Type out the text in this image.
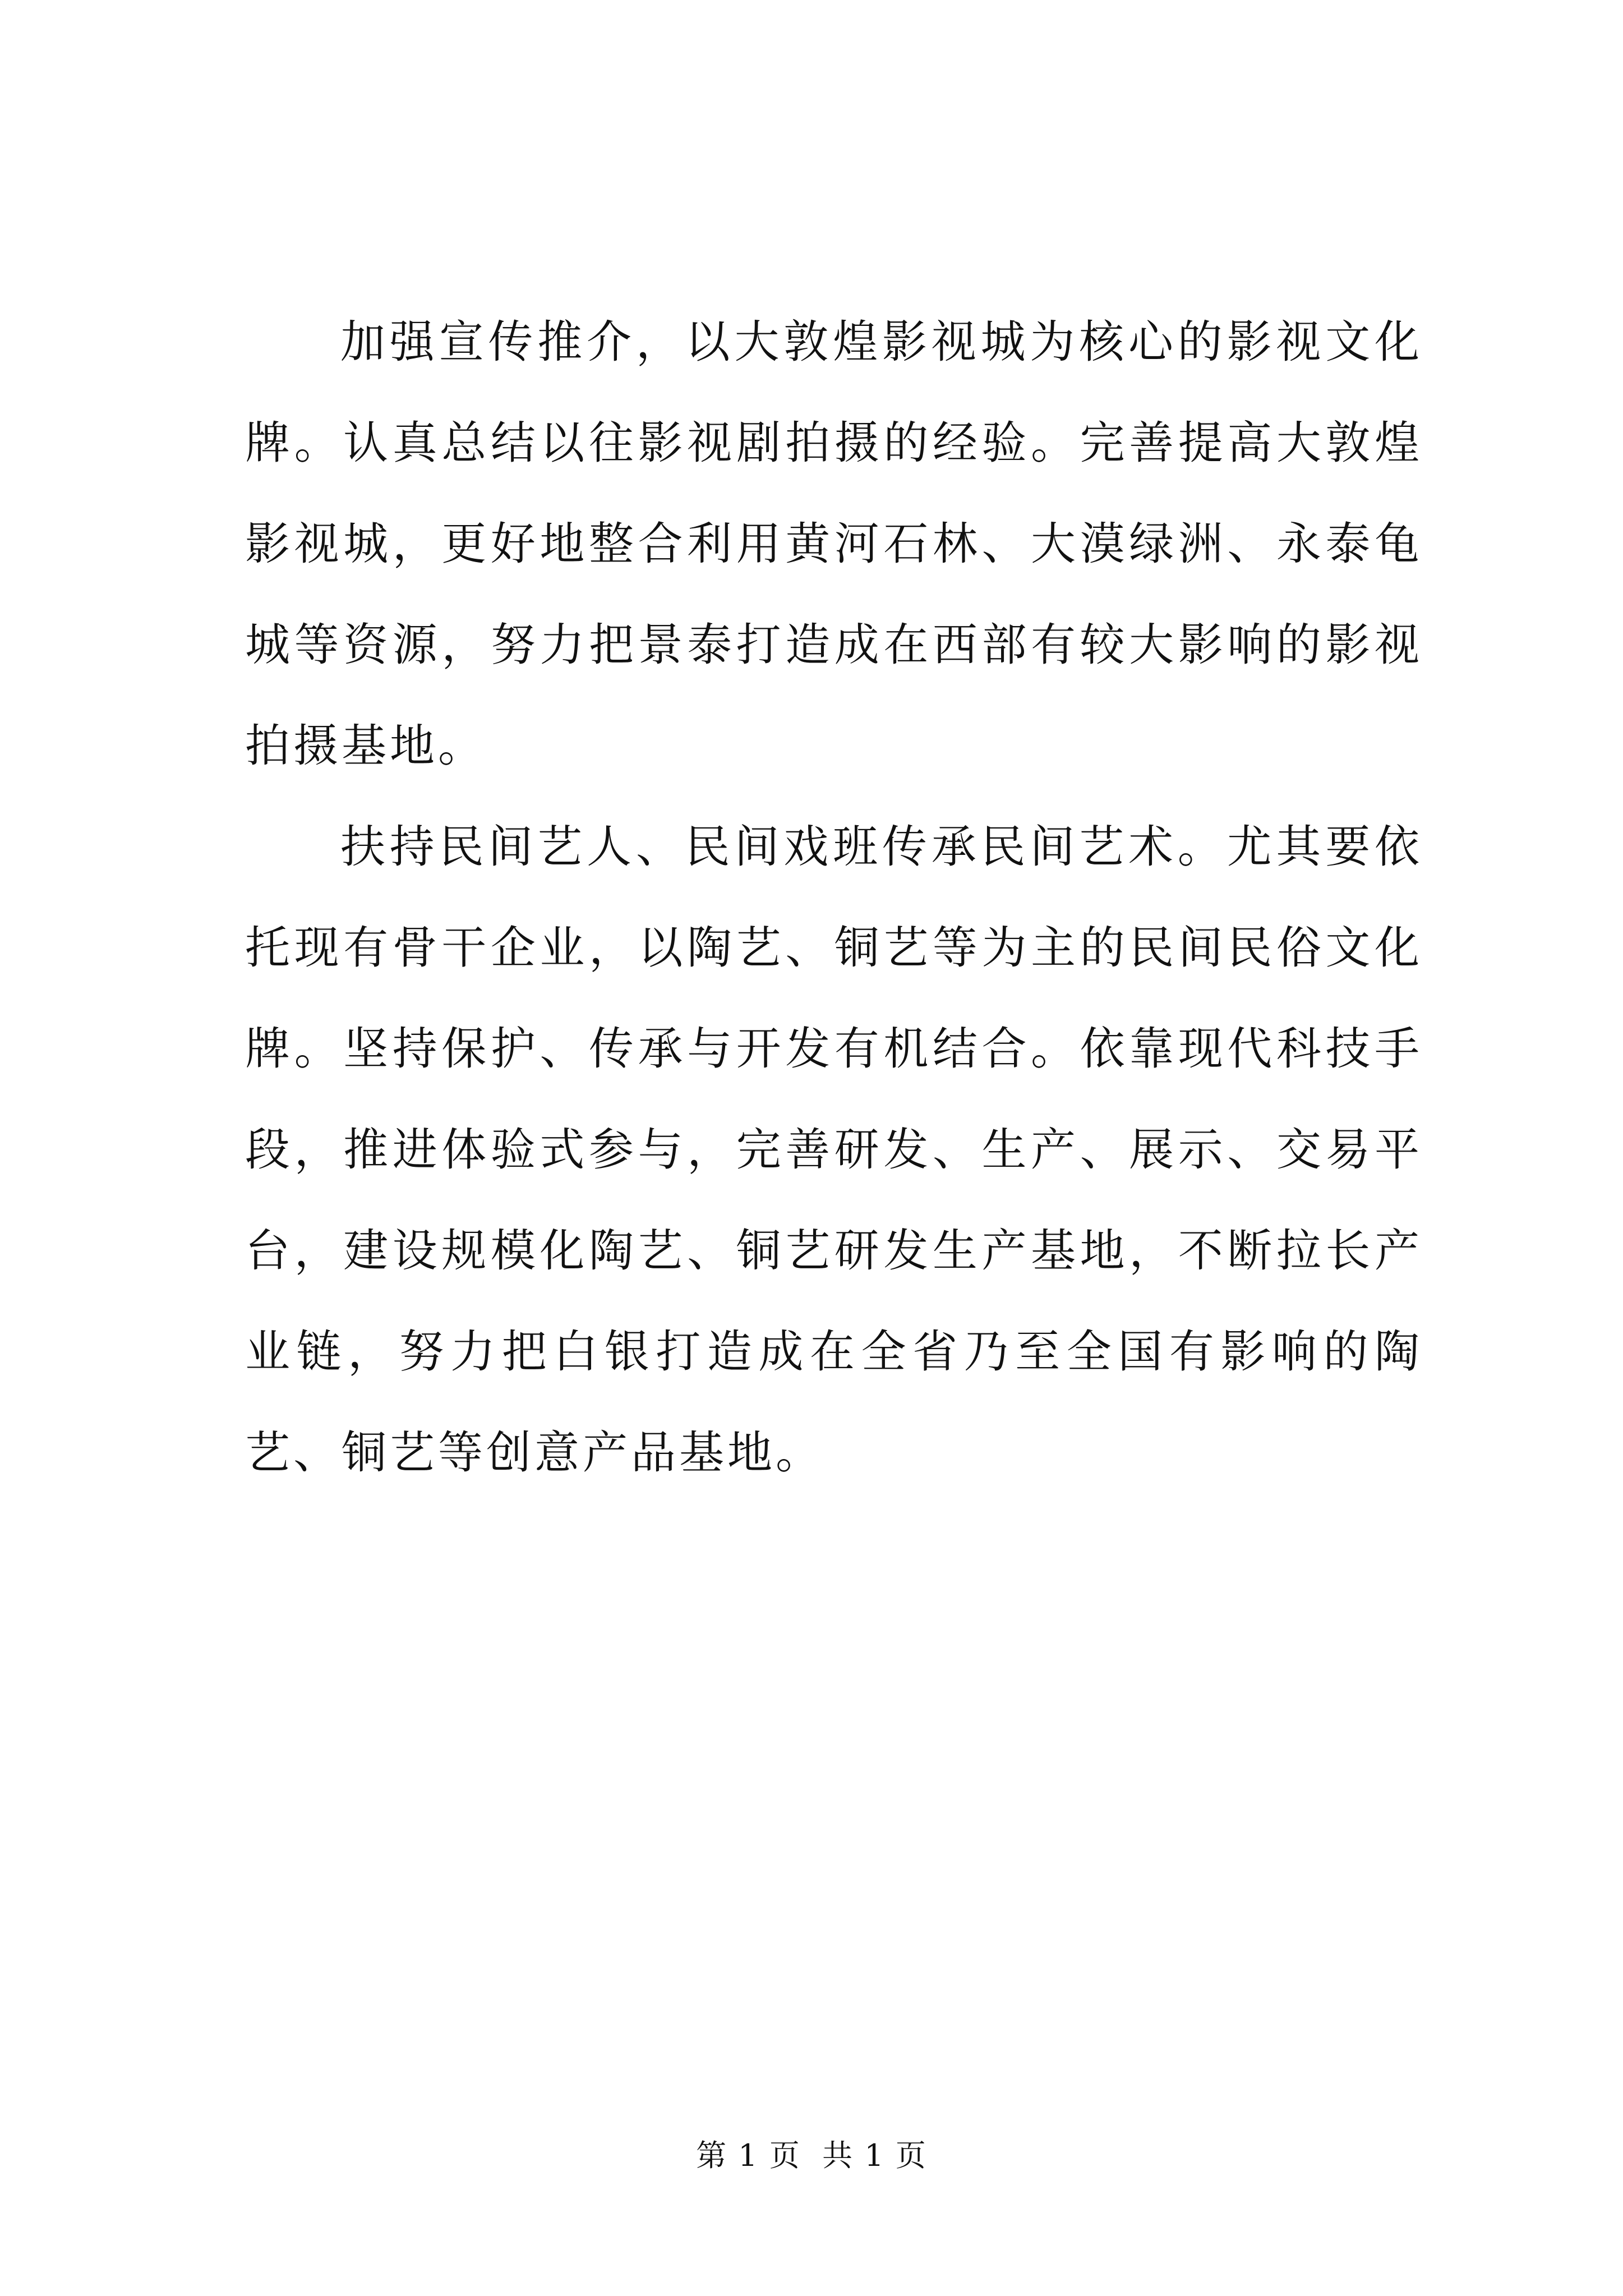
加强宣传推介，以大敦煌影视城为核心的影视文化牌。认真总结以往影视剧拍摄的经验。完善提高大敦煌影视城，更好地整合利用黄河石林、大漠绿洲、永泰龟城等资源，努力把景泰打造成在西部有较大影响的影视拍摄基地。

扶持民间艺人、民间戏班传承民间艺术。尤其要依托现有骨干企业，以陶艺、铜艺等为主的民间民俗文化牌。坚持保护、传承与开发有机结合。依靠现代科技手段，推进体验式参与，完善研发、生产、展示、交易平台，建设规模化陶艺、铜艺研发生产基地，不断拉长产业链，努力把白银打造成在全省乃至全国有影响的陶艺、铜艺等创意产品基地。

第 1 页  共 1 页
